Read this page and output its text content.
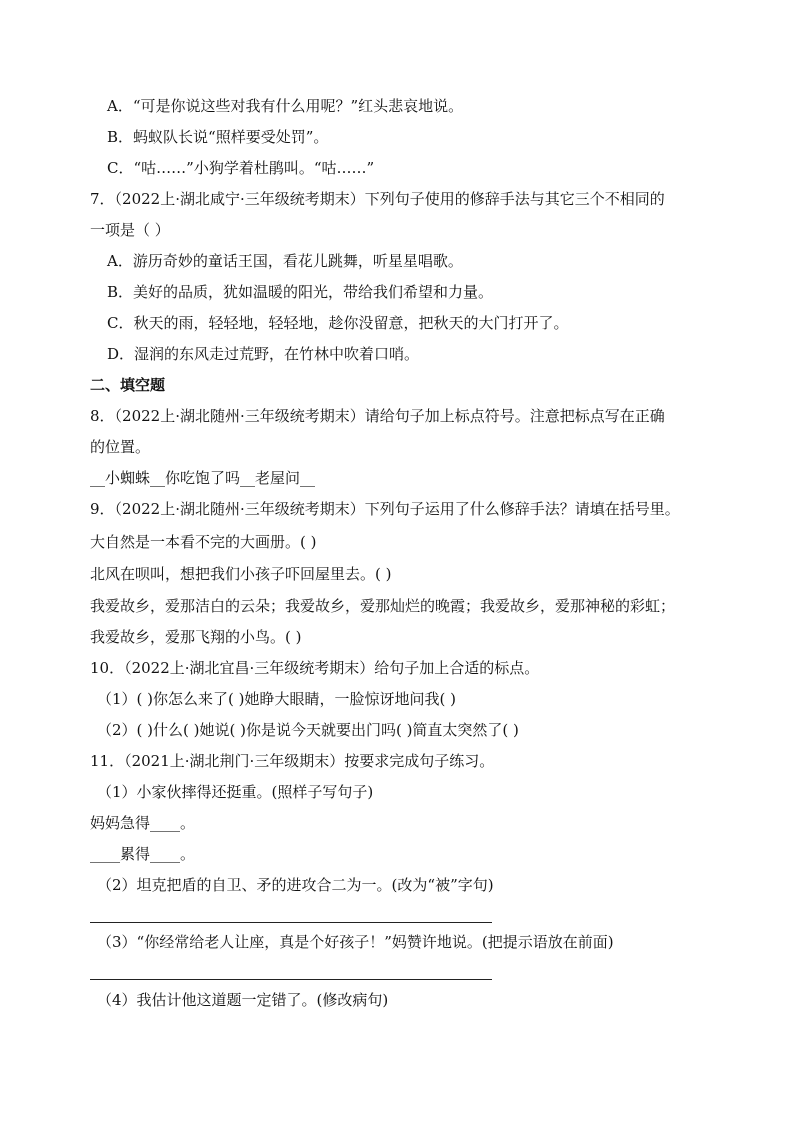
A．“可是你说这些对我有什么用呢？”红头悲哀地说。
B．蚂蚁队长说“照样要受处罚”。
C．“咕……”小狗学着杜鹃叫。“咕……”
7．（2022上·湖北咸宁·三年级统考期末）下列句子使用的修辞手法与其它三个不相同的
一项是（ ）
A．游历奇妙的童话王国，看花儿跳舞，听星星唱歌。
B．美好的品质，犹如温暖的阳光，带给我们希望和力量。
C．秋天的雨，轻轻地，轻轻地，趁你没留意，把秋天的大门打开了。
D．湿润的东风走过荒野，在竹林中吹着口哨。
二、填空题
8．（2022上·湖北随州·三年级统考期末）请给句子加上标点符号。注意把标点写在正确
的位置。
__小蜘蛛__你吃饱了吗__老屋问__
9．（2022上·湖北随州·三年级统考期末）下列句子运用了什么修辞手法？请填在括号里。
大自然是一本看不完的大画册。( )
北风在呗叫，想把我们小孩子吓回屋里去。( )
我爱故乡，爱那洁白的云朵；我爱故乡，爱那灿烂的晚霞；我爱故乡，爱那神秘的彩虹；
我爱故乡，爱那飞翔的小鸟。( )
10．（2022上·湖北宜昌·三年级统考期末）给句子加上合适的标点。
（1）( )你怎么来了( )她睁大眼睛，一脸惊讶地问我( )
（2）( )什么( )她说( )你是说今天就要出门吗( )简直太突然了( )
11．（2021上·湖北荆门·三年级期末）按要求完成句子练习。
（1）小家伙摔得还挺重。(照样子写句子)
妈妈急得____。
____累得____。
（2）坦克把盾的自卫、矛的进攻合二为一。(改为“被”字句)
（3）“你经常给老人让座，真是个好孩子！”妈赞许地说。(把提示语放在前面)
（4）我估计他这道题一定错了。(修改病句)
